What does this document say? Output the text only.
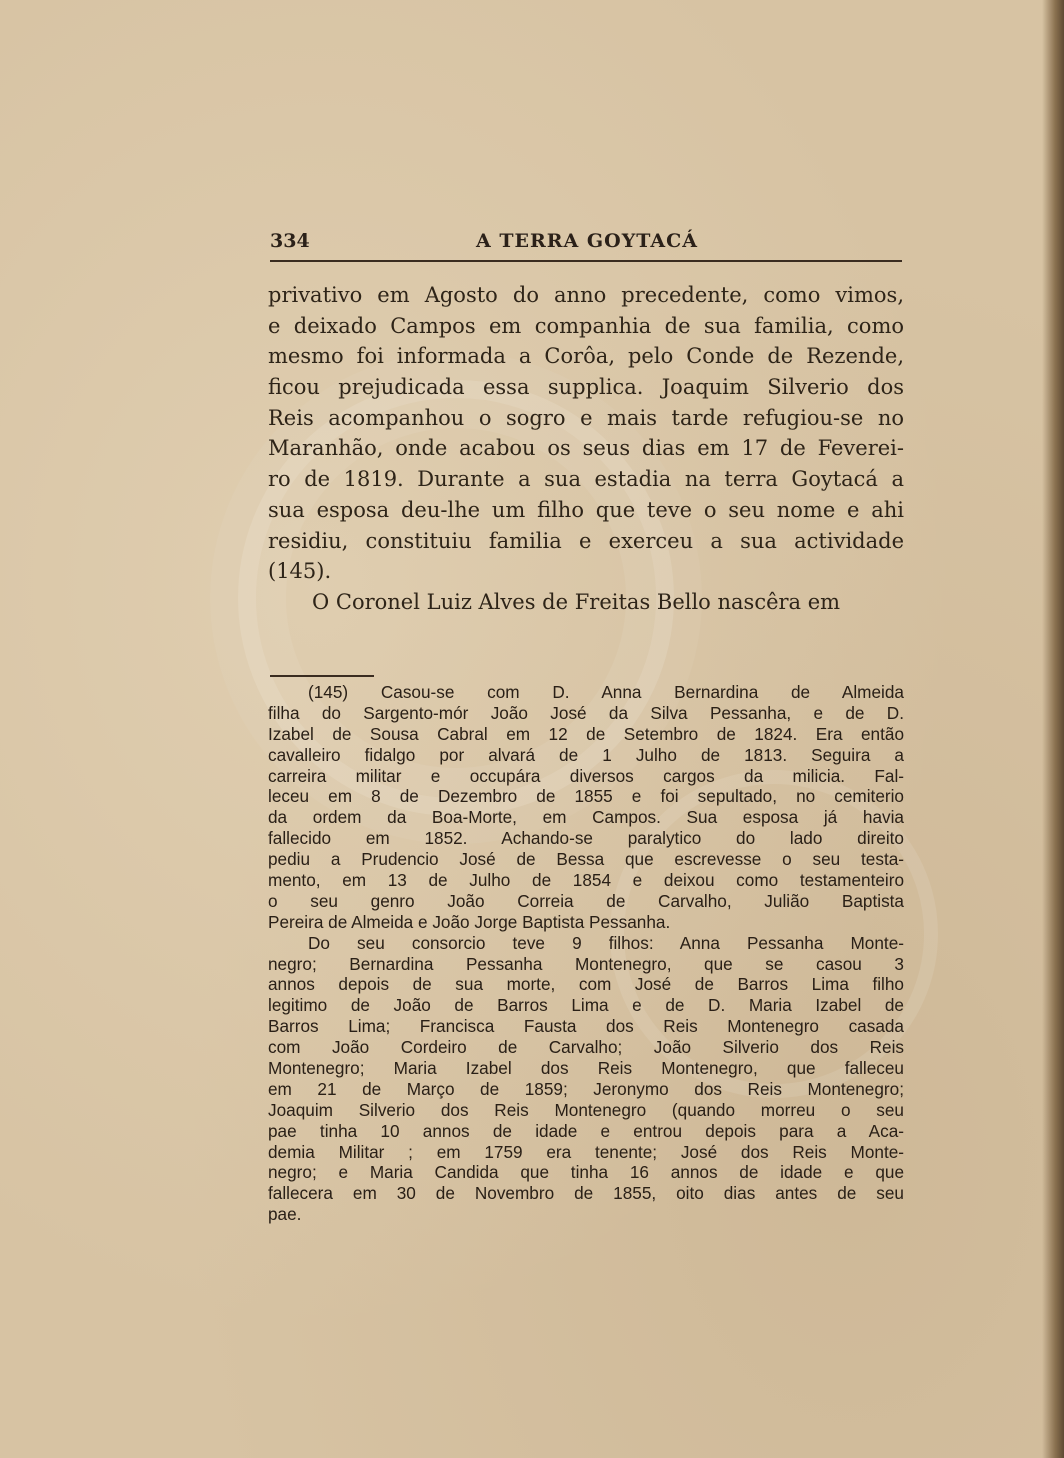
334	A TERRA GOYTACÁ
privativo em Agosto do anno precedente, como vimos,
e deixado Campos em companhia de sua familia, como
mesmo foi informada a Corôa, pelo Conde de Rezende,
ficou prejudicada essa supplica. Joaquim Silverio dos
Reis acompanhou o sogro e mais tarde refugiou-se no
Maranhão, onde acabou os seus dias em 17 de Feverei-
ro de 1819. Durante a sua estadia na terra Goytacá a
sua esposa deu-lhe um filho que teve o seu nome e ahi
residiu, constituiu familia e exerceu a sua actividade
(145).
O Coronel Luiz Alves de Freitas Bello nascêra em
(145) Casou-se com D. Anna Bernardina de Almeida
filha do Sargento-mór João José da Silva Pessanha, e de D.
Izabel de Sousa Cabral em 12 de Setembro de 1824. Era então
cavalleiro fidalgo por alvará de 1 Julho de 1813. Seguira a
carreira militar e occupára diversos cargos da milicia. Fal-
leceu em 8 de Dezembro de 1855 e foi sepultado, no cemiterio
da ordem da Boa-Morte, em Campos. Sua esposa já havia
fallecido em 1852. Achando-se paralytico do lado direito
pediu a Prudencio José de Bessa que escrevesse o seu testa-
mento, em 13 de Julho de 1854 e deixou como testamenteiro
o seu genro João Correia de Carvalho, Julião Baptista
Pereira de Almeida e João Jorge Baptista Pessanha.
Do seu consorcio teve 9 filhos: Anna Pessanha Monte-
negro; Bernardina Pessanha Montenegro, que se casou 3
annos depois de sua morte, com José de Barros Lima filho
legitimo de João de Barros Lima e de D. Maria Izabel de
Barros Lima; Francisca Fausta dos Reis Montenegro casada
com João Cordeiro de Carvalho; João Silverio dos Reis
Montenegro; Maria Izabel dos Reis Montenegro, que falleceu
em 21 de Março de 1859; Jeronymo dos Reis Montenegro;
Joaquim Silverio dos Reis Montenegro (quando morreu o seu
pae tinha 10 annos de idade e entrou depois para a Aca-
demia Militar ; em 1759 era tenente; José dos Reis Monte-
negro; e Maria Candida que tinha 16 annos de idade e que
fallecera em 30 de Novembro de 1855, oito dias antes de seu
pae.
